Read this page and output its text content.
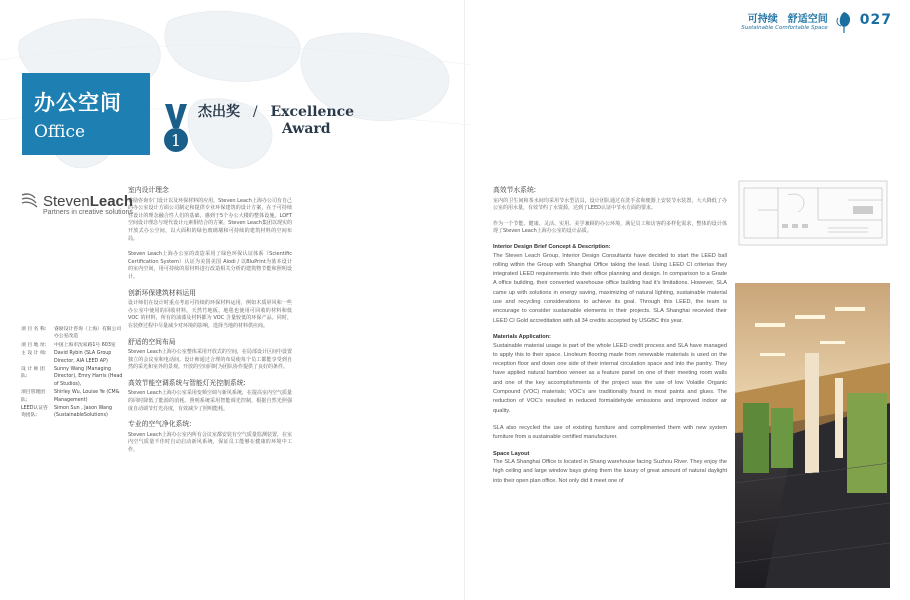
可持续 舒适空间
Sustainable Comfortable Space 027
办公空间
Office	1
杰出奖 / Excellence
Award
StevenLeach
Partners in creative solutions
项 目 名 称:	睿励设计咨询（上海）有限公司办公室改造
项 目 地 址:	中国上海市沈家路1号 603室
主 设 计 师:	David Rybin (SLA Group Director, AIA LEED AP)
设 计 师 团 队:
Sunny Wang (Managing Director), Emry Harris (Head of Studios),
项目管理团队:
Shirley Wu, Louise Ye (CM& Management)
LEED认证咨询团队:
Simon Sun , Jason Wang (SustainableSolutions)
室内设计理念
睿励咨询专门设计以及环保材料的应用。Steven Leach上海办公司有自己的办公室设计方面公司制定和提供专业环保建筑的设计方案，在于可持续性设计的理念融合性人们的基础，感到于5个办公大楼的整体设施。LOFT空间设计理念与现代设计元素相结合的方案，Steven Leach集团以现实的开放式办公空间，以大面积的绿色玻璃墙和可持续的建筑材料的空间布局。
Steven Leach上海办公室的改造采用了绿色环保认证体系（Scientific Certification System）认证为美国美国 Alodi / 以BluPrint为蓝本设计的室内空间，用可持续的原材料进行改造相关分析的建筑物节能和照明设计。
创新环保建筑材料运用
设计师们在设计时重点考虑可持续的环保材料运用，例如木质屏风和一些办公室中使用的回收材料。天然竹地板、地毯也使用可回收的材料和低 VOC 的材料，所有的油漆及材料都为 VOC 含量较低的环保产品。同时，在装修过程中尽量减少对环境的影响，选择当地的材料供应商。
舒适的空间布局
Steven Leach上海办公室整体采用开放式的空间，在局部设计区间中设置独立的会议室和电话间。设计师通过合理的布局使每个员工都能享受到自然的采光和室外的景观。开放的空间同时为团队协作提供了良好的条件。
高效节能空调系统与智能灯光控制系统:
Steven Leach上海办公室采用变频空调与新风系统，在提高室内空气质量的同时降低了能源的消耗。照明系统采用智能调光控制，根据自然光照强度自动调节灯光亮度，有效减少了照明能耗。
专业的空气净化系统:
Steven Leach上海办公室内所有会议室都安装有空气质量监测装置，在室内空气质量不佳时自动启动新风系统，保证员工能够在健康的环境中工作。
高效节水系统:
室内的卫生间和茶水间均采用节水型洁具，设计团队通过在洗手盆和便器上安装节水装置，大大降低了办公室的用水量，有效节约了水资源，达到了LEED认证中节水方面的要求。
作为一个节能、健康、灵活、实用、美学兼顾的办公环境，满足员工和访客的多样化需求，整体的设计体现了Steven Leach上海办公室的设计品质。
Interior Design Brief Concept & Description:
The Steven Leach Group, Interior Design Consultants have decided to start the LEED ball rolling within the Group with Shanghai Office taking the lead. Using LEED CI criterias they integrated LEED requirements into their office planning and design. In comparison to a Grade A office building, their converted warehouse office building had it's limitations. However, SLA came up with solutions in energy saving, maximizing of natural lighting, sustainable material use and recycling considerations to achieve its goal. Through this LEED, the team is encourage to consider sustainable elements in their projects. SLA Shanghai recevied their LEED CI Gold accreditation with all 34 credits accepted by USGBC this year.
Materials Application:
Sustainable material usage is part of the whole LEED credit process and SLA have managed to apply this to their space. Linoleum flooring made from renewable materials is used on the reception floor and down one side of their internal circulation space and into the pantry. They have applied natural bamboo veneer as a feature panel on one of their meeting room walls and one of the key accomplishments of the project was the use of low Volatile Organic Compound (VOC) materials; VOC's are traditionally found in most paints and glues. The reduction of VOC's resulted in reduced formaldehyde emissions and improved indoor air quality.
SLA also recycled the use of existing furniture and complimented them with new system furniture from a sustainable certified manufacturer.
Space Layout
The SLA Shanghai Office is located in Shang warehouse facing Suzhou River. They enjoy the high ceiling and large window bays giving them the luxury of great amount of natural daylight into their open plan office. Not only did it meet one of
